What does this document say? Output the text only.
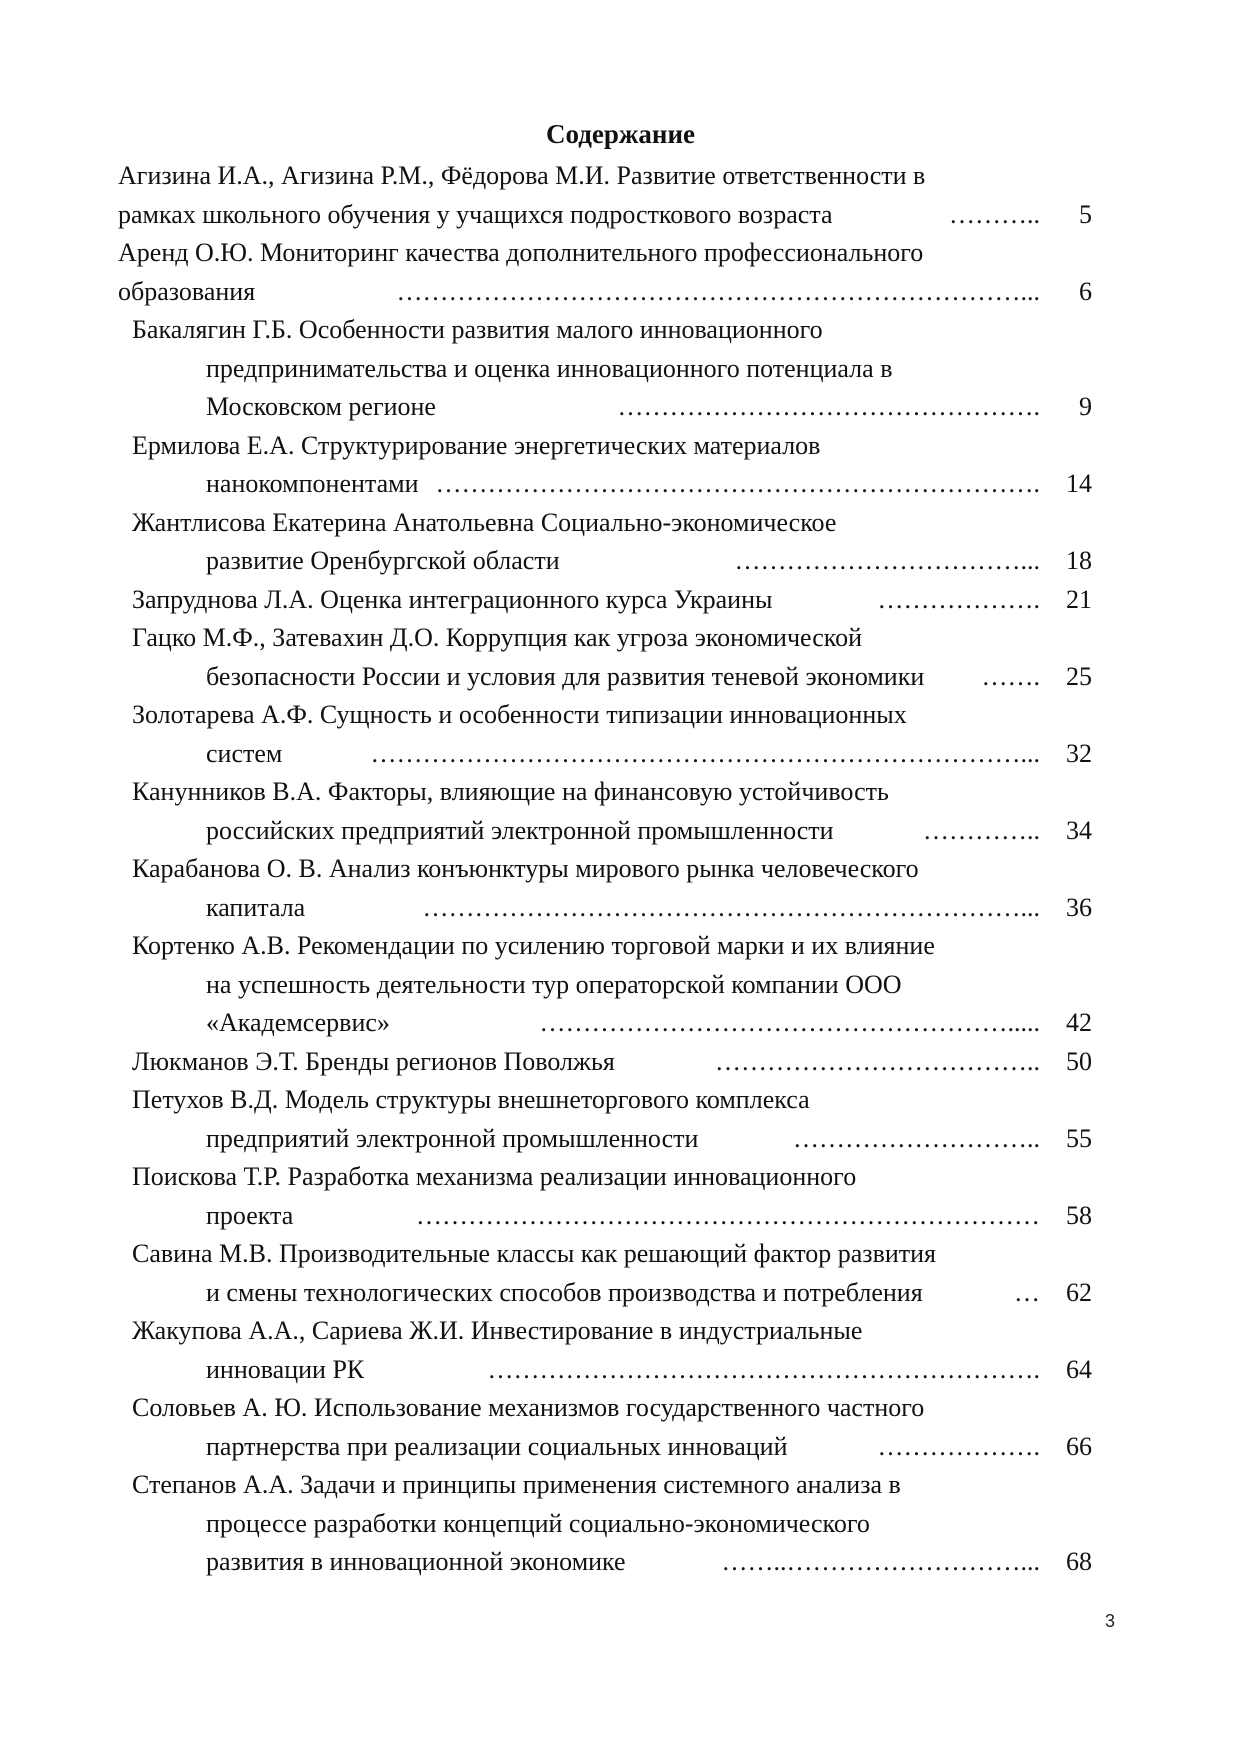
Содержание
Агизина И.А., Агизина Р.М., Фёдорова М.И. Развитие ответственности в
рамках школьного обучения у учащихся подросткового возраста	………..	5
Аренд О.Ю. Мониторинг качества дополнительного профессионального
образования	………………………………………………………………...	6
Бакалягин Г.Б. Особенности развития малого инновационного
предпринимательства и оценка инновационного потенциала в
Московском регионе	………………………………………….	9
Ермилова Е.А. Структурирование энергетических материалов
нанокомпонентами …………………………………………………………….	14
Жантлисова Екатерина Анатольевна Социально-экономическое
развитие Оренбургской области	……………………………...	18
Запруднова Л.А. Оценка интеграционного курса Украины	……………….	21
Гацко М.Ф., Затевахин Д.О. Коррупция как угроза экономической
безопасности России и условия для развития теневой экономики	…….	25
Золотарева А.Ф. Сущность и особенности типизации инновационных
систем	…………………………………………………………………...	32
Канунников В.А. Факторы, влияющие на финансовую устойчивость
российских предприятий электронной промышленности	…………..	34
Карабанова О. В. Анализ конъюнктуры мирового рынка человеческого
капитала	……………………………………………………………...	36
Кортенко А.В. Рекомендации по усилению торговой марки и их влияние
на успешность деятельности тур операторской компании ООО
«Академсервис»	……………………………………………….....	42
Люкманов Э.Т. Бренды регионов Поволжья	………………………………..	50
Петухов В.Д. Модель структуры внешнеторгового комплекса
предприятий электронной промышленности	………………………..	55
Поискова Т.Р. Разработка механизма реализации инновационного
проекта	………………………………………………………………	58
Савина М.В. Производительные классы как решающий фактор развития
и смены технологических способов производства и потребления	…	62
Жакупова А.А., Сариева Ж.И. Инвестирование в индустриальные
инновации РК	……………………………………………………….	64
Соловьев А. Ю. Использование механизмов государственного частного
партнерства при реализации социальных инноваций	……………….	66
Степанов А.А. Задачи и принципы применения системного анализа в
процессе разработки концепций социально-экономического
развития в инновационной экономике	……..………………………...	68
3
